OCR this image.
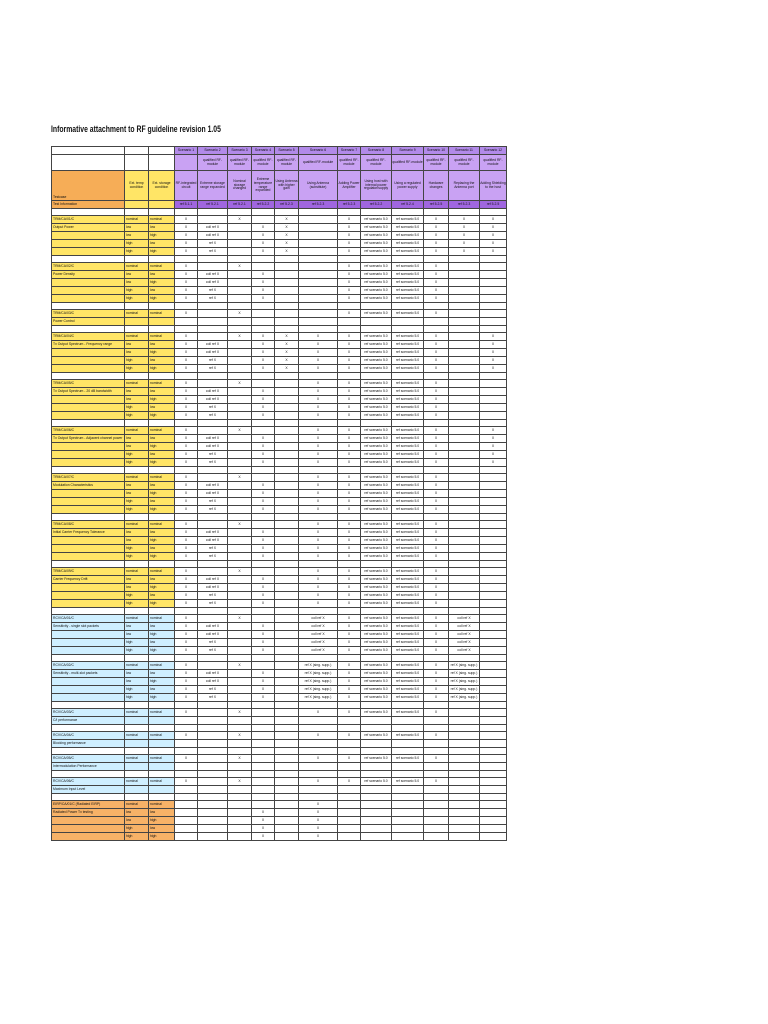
Informative attachment to RF guideline revision 1.05
			Scenario 1	Scenario 2	Scenario 3	Scenario 4	Scenario 5	Scenario 6	Scenario 7	Scenario 8	Scenario 9	Scenario 10	Scenario 11	Scenario 12
				qualified RF-module	qualified RF-module	qualified RF-module	qualified RF-module	qualified RF-module	qualified RF-module	qualified RF-module	qualified RF-module	qualified RF-module	qualified RF-module	qualified RF-module
Testcase	Ext. temp condition	Ext. storage condition	RF-integrated circuit	Extreme storage range expanded	Nominal storage changed	Extreme temperature range expanded	Using Antenna with higher gain	Using Antenna (substitute)	Adding Power Amplifier	Using host with internal power regulator/supply	Using a regulated power supply	Hardware changes	Replacing the Antenna port	Adding Shielding to the host
Test Information			ref 5.1.1	ref 5.2.1	ref 5.2.1	ref 5.2.2	ref 5.2.3	ref 5.2.3	ref 5.2.3	ref 5.2.2	ref 5.2.4	ref 5.2.5	ref 5.2.3	ref 5.2.5

TRM/CA/01/C	nominal	nominal	X		X		X		X	ref scenario 5.0	ref scenario 5.0	X	X	X
Output Power	low	low	X	coll ref X		X	X		X	ref scenario 5.0	ref scenario 5.0	X	X	X
	low	high	X	coll ref X		X	X		X	ref scenario 5.0	ref scenario 5.0	X	X	X
	high	low	X	ref X		X	X		X	ref scenario 5.0	ref scenario 5.0	X	X	X
	high	high	X	ref X		X	X		X	ref scenario 5.0	ref scenario 5.0	X	X	X

TRM/CA/02/C	nominal	nominal	X		X				X	ref scenario 5.0	ref scenario 5.0	X		
Power Density	low	low	X	coll ref X		X			X	ref scenario 5.0	ref scenario 5.0	X		
	low	high	X	coll ref X		X			X	ref scenario 5.0	ref scenario 5.0	X		
	high	low	X	ref X		X			X	ref scenario 5.0	ref scenario 5.0	X		
	high	high	X	ref X		X			X	ref scenario 5.0	ref scenario 5.0	X		

TRM/CA/03/C	nominal	nominal	X		X				X	ref scenario 5.0	ref scenario 5.0	X		
Power Control														

TRM/CA/04/C	nominal	nominal	X		X	X	X	X	X	ref scenario 5.0	ref scenario 5.0	X		X
Tx Output Spectrum - Frequency range	low	low	X	coll ref X		X	X	X	X	ref scenario 5.0	ref scenario 5.0	X		X
	low	high	X	coll ref X		X	X	X	X	ref scenario 5.0	ref scenario 5.0	X		X
	high	low	X	ref X		X	X	X	X	ref scenario 5.0	ref scenario 5.0	X		X
	high	high	X	ref X		X	X	X	X	ref scenario 5.0	ref scenario 5.0	X		X

TRM/CA/05/C	nominal	nominal	X		X			X	X	ref scenario 5.0	ref scenario 5.0	X		
Tx Output Spectrum - 20 dB bandwidth	low	low	X	coll ref X		X		X	X	ref scenario 5.0	ref scenario 5.0	X		
	low	high	X	coll ref X		X		X	X	ref scenario 5.0	ref scenario 5.0	X		
	high	low	X	ref X		X		X	X	ref scenario 5.0	ref scenario 5.0	X		
	high	high	X	ref X		X		X	X	ref scenario 5.0	ref scenario 5.0	X		

TRM/CA/06/C	nominal	nominal	X		X			X	X	ref scenario 5.0	ref scenario 5.0	X		X
Tx Output Spectrum - Adjacent channel power	low	low	X	coll ref X		X		X	X	ref scenario 5.0	ref scenario 5.0	X		X
	low	high	X	coll ref X		X		X	X	ref scenario 5.0	ref scenario 5.0	X		X
	high	low	X	ref X		X		X	X	ref scenario 5.0	ref scenario 5.0	X		X
	high	high	X	ref X		X		X	X	ref scenario 5.0	ref scenario 5.0	X		X

TRM/CA/07/C	nominal	nominal	X		X			X	X	ref scenario 5.0	ref scenario 5.0	X		
Modulation Characteristics	low	low	X	coll ref X		X		X	X	ref scenario 5.0	ref scenario 5.0	X		
	low	high	X	coll ref X		X		X	X	ref scenario 5.0	ref scenario 5.0	X		
	high	low	X	ref X		X		X	X	ref scenario 5.0	ref scenario 5.0	X		
	high	high	X	ref X		X		X	X	ref scenario 5.0	ref scenario 5.0	X		

TRM/CA/08/C	nominal	nominal	X		X			X	X	ref scenario 5.0	ref scenario 5.0	X		
Initial Carrier Frequency Tolerance	low	low	X	coll ref X		X		X	X	ref scenario 5.0	ref scenario 5.0	X		
	low	high	X	coll ref X		X		X	X	ref scenario 5.0	ref scenario 5.0	X		
	high	low	X	ref X		X		X	X	ref scenario 5.0	ref scenario 5.0	X		
	high	high	X	ref X		X		X	X	ref scenario 5.0	ref scenario 5.0	X		

TRM/CA/09/C	nominal	nominal	X		X			X	X	ref scenario 5.0	ref scenario 5.0	X		
Carrier Frequency Drift	low	low	X	coll ref X		X		X	X	ref scenario 5.0	ref scenario 5.0	X		
	low	high	X	coll ref X		X		X	X	ref scenario 5.0	ref scenario 5.0	X		
	high	low	X	ref X		X		X	X	ref scenario 5.0	ref scenario 5.0	X		
	high	high	X	ref X		X		X	X	ref scenario 5.0	ref scenario 5.0	X		

RCV/CA/01/C	nominal	nominal	X		X			coll ref X	X	ref scenario 5.0	ref scenario 5.0	X	coll ref X	
Sensitivity - single slot packets	low	low	X	coll ref X		X		coll ref X	X	ref scenario 5.0	ref scenario 5.0	X	coll ref X	
	low	high	X	coll ref X		X		coll ref X	X	ref scenario 5.0	ref scenario 5.0	X	coll ref X	
	high	low	X	ref X		X		coll ref X	X	ref scenario 5.0	ref scenario 5.0	X	coll ref X	
	high	high	X	ref X		X		coll ref X	X	ref scenario 5.0	ref scenario 5.0	X	coll ref X	

RCV/CA/02/C	nominal	nominal	X		X			ref X (sing. supp.)	X	ref scenario 5.0	ref scenario 5.0	X	ref X (sing. supp.)	
Sensitivity - multi-slot packets	low	low	X	coll ref X		X		ref X (sing. supp.)	X	ref scenario 5.0	ref scenario 5.0	X	ref X (sing. supp.)	
	low	high	X	coll ref X		X		ref X (sing. supp.)	X	ref scenario 5.0	ref scenario 5.0	X	ref X (sing. supp.)	
	high	low	X	ref X		X		ref X (sing. supp.)	X	ref scenario 5.0	ref scenario 5.0	X	ref X (sing. supp.)	
	high	high	X	ref X		X		ref X (sing. supp.)	X	ref scenario 5.0	ref scenario 5.0	X	ref X (sing. supp.)	

RCV/CA/03/C	nominal	nominal	X		X			X	X	ref scenario 5.0	ref scenario 5.0	X		
C/I performance														

RCV/CA/04/C	nominal	nominal	X		X			X	X	ref scenario 5.0	ref scenario 5.0	X		
Blocking performance														

RCV/CA/05/C	nominal	nominal	X		X			X	X	ref scenario 5.0	ref scenario 5.0	X		
Intermodulation Performance														

RCV/CA/06/C	nominal	nominal	X		X			X	X	ref scenario 5.0	ref scenario 5.0	X		
Maximum Input Level														

EIRP/CA/01/C (Radiated EIRP)	nominal	nominal						X						
Radiated Power Tx testing	low	low				X		X						
	low	high				X		X						
	high	low				X		X						
	high	high				X		X						
